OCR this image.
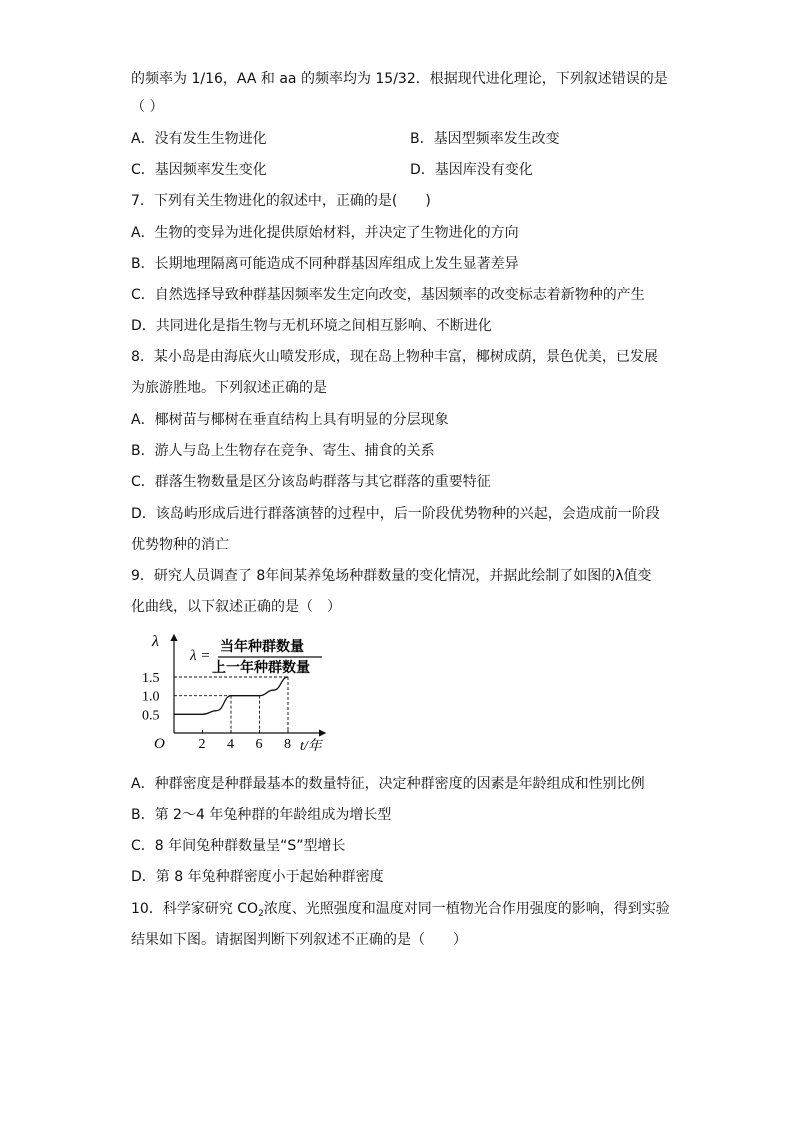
的频率为 1/16，AA 和 aa 的频率均为 15/32．根据现代进化理论，下列叙述错误的是
（ ）
A．没有发生生物进化	B．基因型频率发生改变
C．基因频率发生变化	D．基因库没有变化
7．下列有关生物进化的叙述中，正确的是(　　)
A．生物的变异为进化提供原始材料，并决定了生物进化的方向
B．长期地理隔离可能造成不同种群基因库组成上发生显著差异
C．自然选择导致种群基因频率发生定向改变，基因频率的改变标志着新物种的产生
D．共同进化是指生物与无机环境之间相互影响、不断进化
8．某小岛是由海底火山喷发形成，现在岛上物种丰富，椰树成荫，景色优美，已发展
为旅游胜地。下列叙述正确的是
A．椰树苗与椰树在垂直结构上具有明显的分层现象
B．游人与岛上生物存在竞争、寄生、捕食的关系
C．群落生物数量是区分该岛屿群落与其它群落的重要特征
D．该岛屿形成后进行群落演替的过程中，后一阶段优势物种的兴起，会造成前一阶段
优势物种的消亡
9．研究人员调查了 8年间某养兔场种群数量的变化情况，并据此绘制了如图的λ值变
化曲线，以下叙述正确的是（　）
λ
O	t/年
λ =
当年种群数量
上一年种群数量
2 4 6 8
0.5
1.0
1.5
A．种群密度是种群最基本的数量特征，决定种群密度的因素是年龄组成和性别比例
B．第 2～4 年兔种群的年龄组成为增长型
C．8 年间兔种群数量呈“S”型增长
D．第 8 年兔种群密度小于起始种群密度
10．科学家研究 $CO_2$浓度、光照强度和温度对同一植物光合作用强度的影响，得到实验
结果如下图。请据图判断下列叙述不正确的是（　　）
